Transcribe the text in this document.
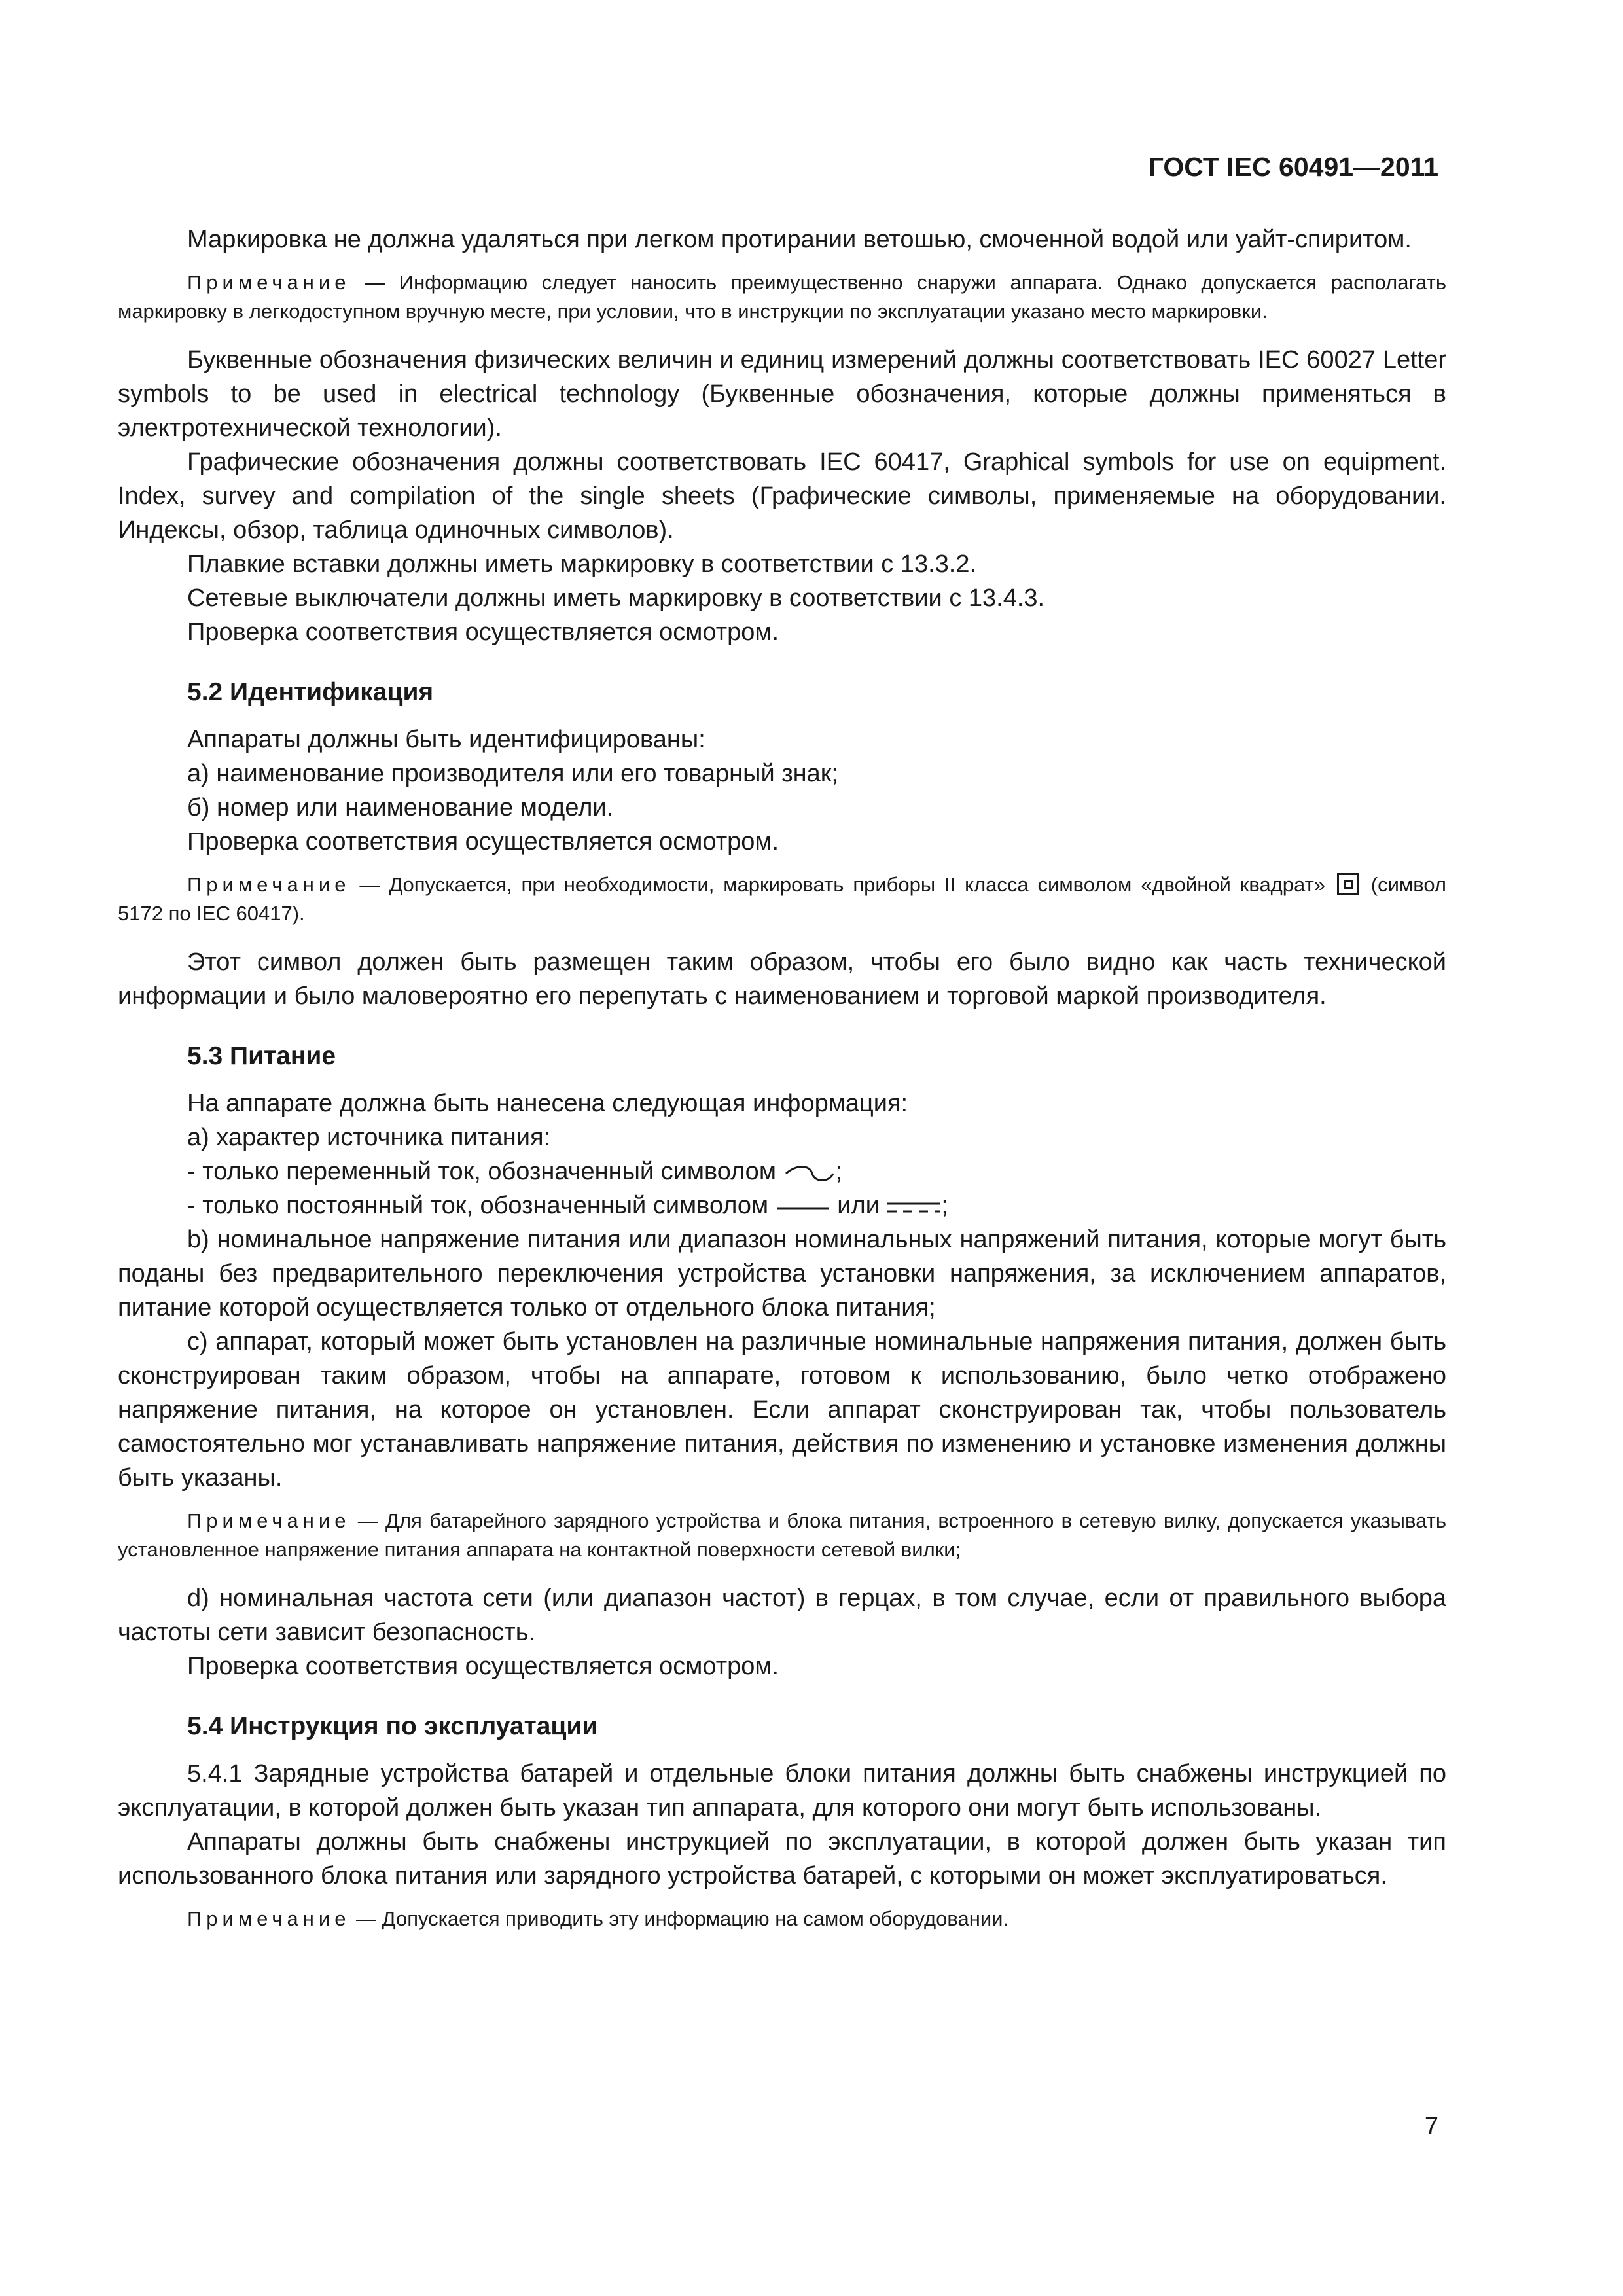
ГОСТ IEC 60491—2011

Маркировка не должна удаляться при легком протирании ветошью, смоченной водой или уайт-спиритом.

Примечание — Информацию следует наносить преимущественно снаружи аппарата. Однако допускается располагать маркировку в легкодоступном вручную месте, при условии, что в инструкции по эксплуатации указано место маркировки.

Буквенные обозначения физических величин и единиц измерений должны соответствовать IEC 60027 Letter symbols to be used in electrical technology (Буквенные обозначения, которые должны применяться в электротехнической технологии).

Графические обозначения должны соответствовать IEC 60417, Graphical symbols for use on equipment. Index, survey and compilation of the single sheets (Графические символы, применяемые на оборудовании. Индексы, обзор, таблица одиночных символов).

Плавкие вставки должны иметь маркировку в соответствии с 13.3.2.

Сетевые выключатели должны иметь маркировку в соответствии с 13.4.3.

Проверка соответствия осуществляется осмотром.

5.2 Идентификация

Аппараты должны быть идентифицированы:

а) наименование производителя или его товарный знак;

б) номер или наименование модели.

Проверка соответствия осуществляется осмотром.

Примечание — Допускается, при необходимости, маркировать приборы II класса символом «двойной квадрат»  (символ 5172 по IEC 60417).

Этот символ должен быть размещен таким образом, чтобы его было видно как часть технической информации и было маловероятно его перепутать с наименованием и торговой маркой производителя.

5.3 Питание

На аппарате должна быть нанесена следующая информация:

а) характер источника питания:

- только переменный ток, обозначенный символом ;

- только постоянный ток, обозначенный символом  или ;

b) номинальное напряжение питания или диапазон номинальных напряжений питания, которые могут быть поданы без предварительного переключения устройства установки напряжения, за исключением аппаратов, питание которой осуществляется только от отдельного блока питания;

c) аппарат, который может быть установлен на различные номинальные напряжения питания, должен быть сконструирован таким образом, чтобы на аппарате, готовом к использованию, было четко отображено напряжение питания, на которое он установлен. Если аппарат сконструирован так, чтобы пользователь самостоятельно мог устанавливать напряжение питания, действия по изменению и установке изменения должны быть указаны.

Примечание — Для батарейного зарядного устройства и блока питания, встроенного в сетевую вилку, допускается указывать установленное напряжение питания аппарата на контактной поверхности сетевой вилки;

d) номинальная частота сети (или диапазон частот) в герцах, в том случае, если от правильного выбора частоты сети зависит безопасность.

Проверка соответствия осуществляется осмотром.

5.4 Инструкция по эксплуатации

5.4.1 Зарядные устройства батарей и отдельные блоки питания должны быть снабжены инструкцией по эксплуатации, в которой должен быть указан тип аппарата, для которого они могут быть использованы.

Аппараты должны быть снабжены инструкцией по эксплуатации, в которой должен быть указан тип использованного блока питания или зарядного устройства батарей, с которыми он может эксплуатироваться.

Примечание — Допускается приводить эту информацию на самом оборудовании.

7
